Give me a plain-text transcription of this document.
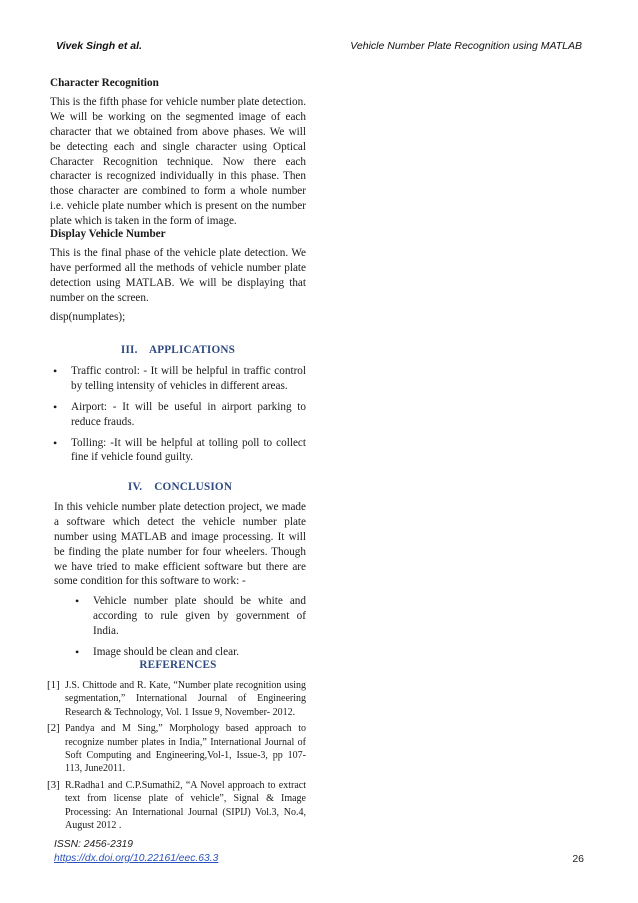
Vivek Singh et al.	Vehicle Number Plate Recognition using MATLAB

Character Recognition

This is the fifth phase for vehicle number plate detection. We will be working on the segmented image of each character that we obtained from above phases. We will be detecting each and single character using Optical Character Recognition technique. Now there each character is recognized individually in this phase. Then those character are combined to form a whole number i.e. vehicle plate number which is present on the number plate which is taken in the form of image.

Display Vehicle Number

This is the final phase of the vehicle plate detection. We have performed all the methods of vehicle number plate detection using MATLAB. We will be displaying that number on the screen.

disp(numplates);

III.    APPLICATIONS

• Traffic control: - It will be helpful in traffic control by telling intensity of vehicles in different areas.
• Airport: - It will be useful in airport parking to reduce frauds.
• Tolling: -It will be helpful at tolling poll to collect fine if vehicle found guilty.

IV.    CONCLUSION

In this vehicle number plate detection project, we made a software which detect the vehicle number plate number using MATLAB and image processing. It will be finding the plate number for four wheelers. Though we have tried to make efficient software but there are some condition for this software to work: -

• Vehicle number plate should be white and according to rule given by government of India.
• Image should be clean and clear.

REFERENCES

[1] J.S. Chittode and R. Kate, “Number plate recognition using segmentation,” International Journal of Engineering Research & Technology, Vol. 1 Issue 9, November- 2012.
[2] Pandya and M Sing,” Morphology based approach to recognize number plates in India,” International Journal of Soft Computing and Engineering,Vol-1, Issue-3, pp 107-113, June2011.
[3] R.Radha1 and C.P.Sumathi2, “A Novel approach to extract text from license plate of vehicle”, Signal & Image Processing: An International Journal (SIPIJ) Vol.3, No.4, August 2012 .
ISSN: 2456-2319
https://dx.doi.org/10.22161/eec.63.3	26
